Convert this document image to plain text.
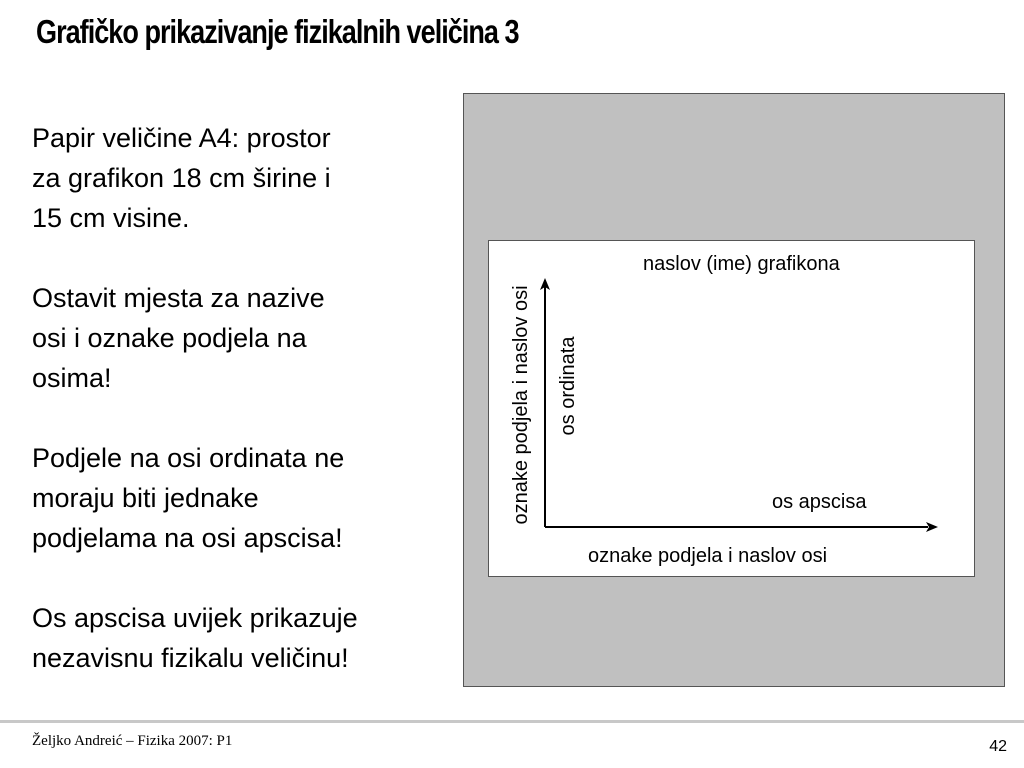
Grafičko prikazivanje fizikalnih veličina 3

Papir veličine A4: prostor
za grafikon 18 cm širine i
15 cm visine.

Ostavit mjesta za nazive
osi i oznake podjela na
osima!

Podjele na osi ordinata ne
moraju biti jednake
podjelama na osi apscisa!

Os apscisa uvijek prikazuje
nezavisnu fizikalu veličinu!

naslov (ime) grafikona
os apscisa
oznake podjela i naslov osi
oznake podjela i naslov osi os ordinata
Željko Andreić – Fizika 2007: P1	42
